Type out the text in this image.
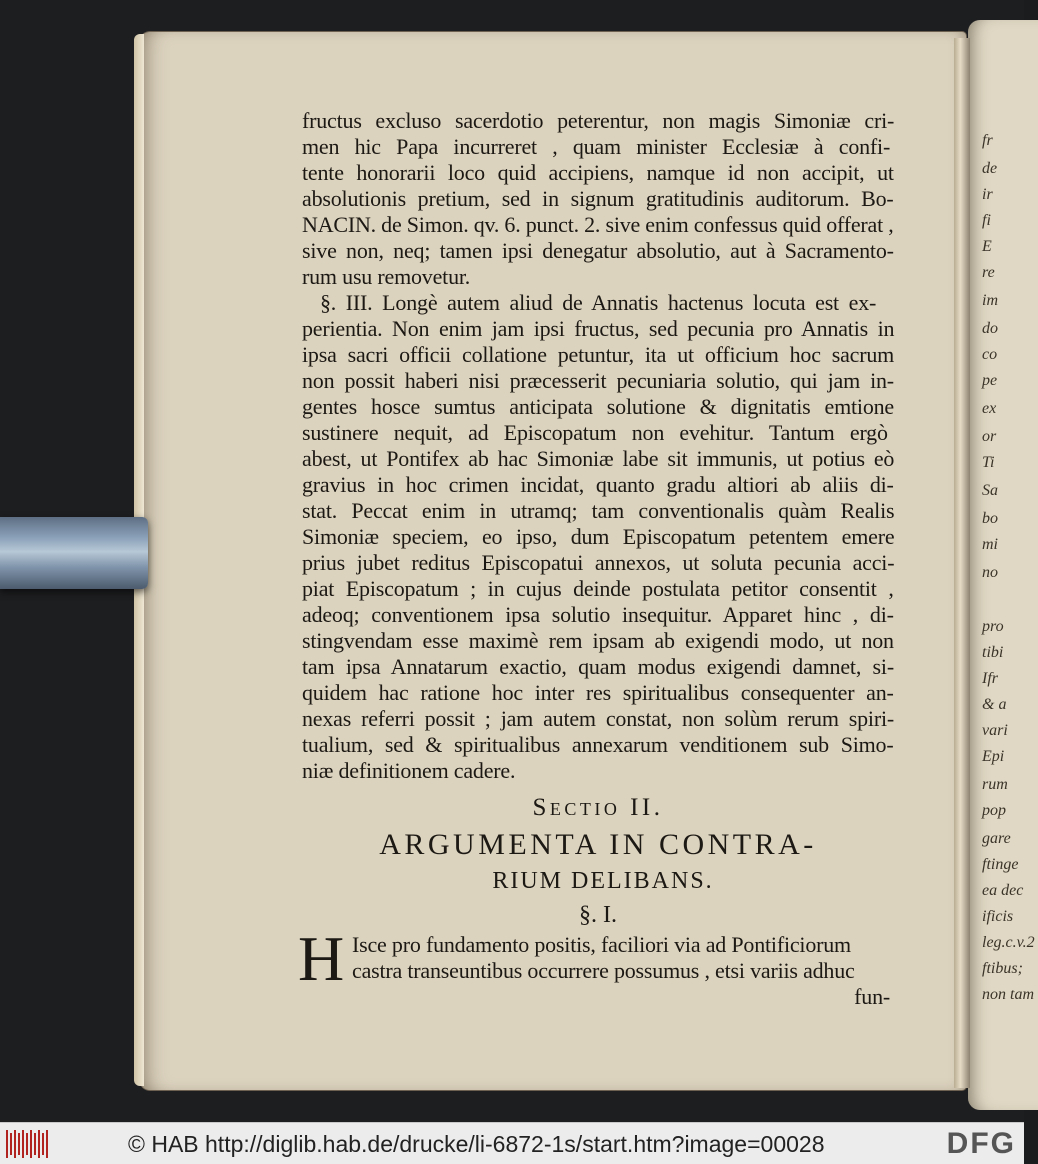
fr
de
ir
fi
E
re
im
do
co
pe
ex
or
Ti
Sa
bo
mi
no
pro
tibi
Ifr
& a
vari
Epi
rum
pop
gare
ftinge
ea dec
ificis
leg.c.v.2
ftibus;
non tam
fructus excluso sacerdotio peterentur, non magis Simoniæ cri-
men hic Papa incurreret , quam minister Ecclesiæ à confi-
tente honorarii loco quid accipiens, namque id non accipit, ut
absolutionis pretium, sed in signum gratitudinis auditorum. Bo-
NACIN. de Simon. qv. 6. punct. 2. sive enim confessus quid offerat ,
sive non, neq; tamen ipsi denegatur absolutio, aut à Sacramento-
rum usu removetur.
§. III. Longè autem aliud de Annatis hactenus locuta est ex-
perientia. Non enim jam ipsi fructus, sed pecunia pro Annatis in
ipsa sacri officii collatione petuntur, ita ut officium hoc sacrum
non possit haberi nisi præcesserit pecuniaria solutio, qui jam in-
gentes hosce sumtus anticipata solutione & dignitatis emtione
sustinere nequit, ad Episcopatum non evehitur. Tantum ergò
abest, ut Pontifex ab hac Simoniæ labe sit immunis, ut potius eò
gravius in hoc crimen incidat, quanto gradu altiori ab aliis di-
stat. Peccat enim in utramq; tam conventionalis quàm Realis
Simoniæ speciem, eo ipso, dum Episcopatum petentem emere
prius jubet reditus Episcopatui annexos, ut soluta pecunia acci-
piat Episcopatum ; in cujus deinde postulata petitor consentit ,
adeoq; conventionem ipsa solutio insequitur. Apparet hinc , di-
stingvendam esse maximè rem ipsam ab exigendi modo, ut non
tam ipsa Annatarum exactio, quam modus exigendi damnet, si-
quidem hac ratione hoc inter res spiritualibus consequenter an-
nexas referri possit ; jam autem constat, non solùm rerum spiri-
tualium, sed & spiritualibus annexarum venditionem sub Simo-
niæ definitionem cadere.
Sectio II.
ARGUMENTA IN CONTRA-
RIUM DELIBANS.
§. I.
H Isce pro fundamento positis, faciliori via ad Pontificiorum
castra transeuntibus occurrere possumus , etsi variis adhuc
fun-
© HAB http://diglib.hab.de/drucke/li-6872-1s/start.htm?image=00028	DFG
